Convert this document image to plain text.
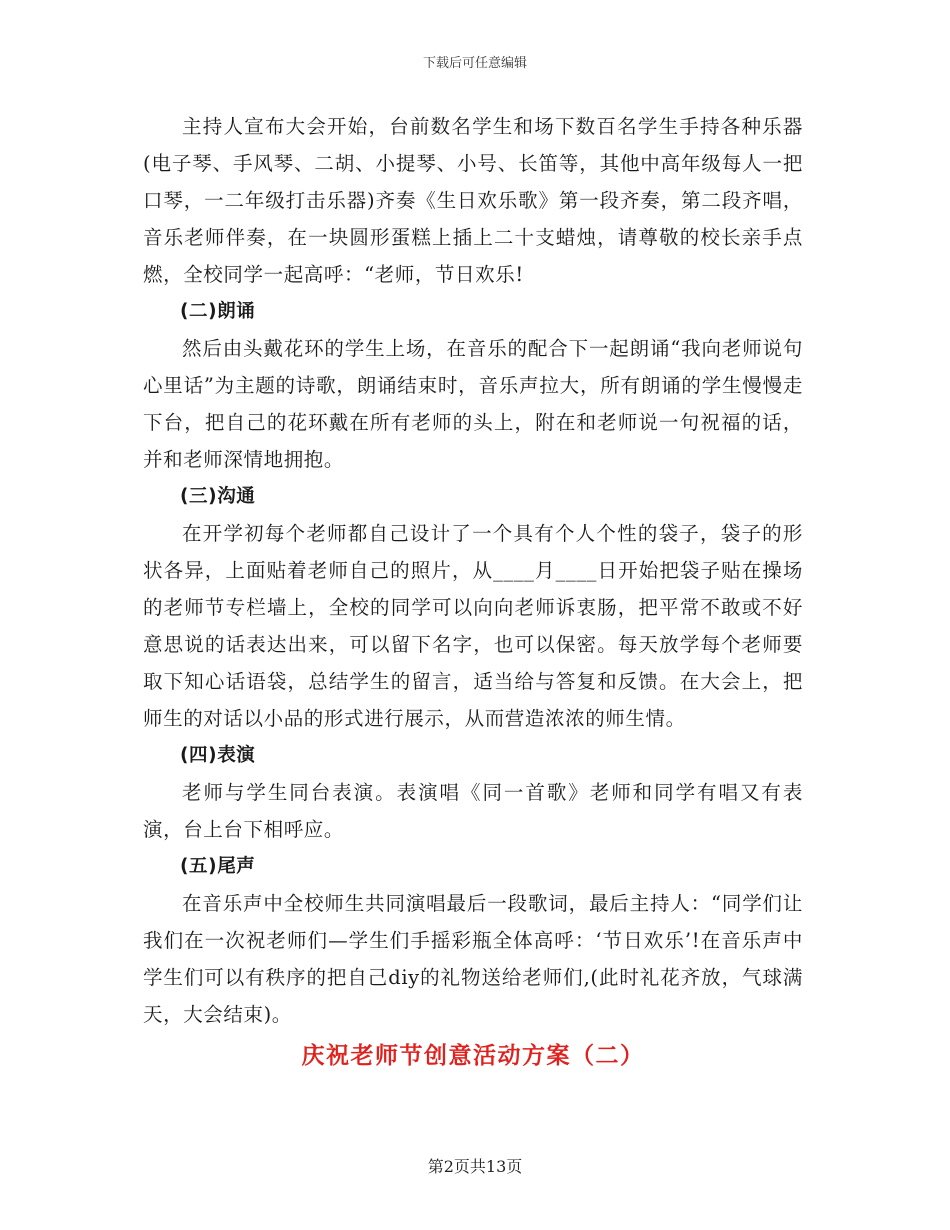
下载后可任意编辑

主持人宣布大会开始，台前数名学生和场下数百名学生手持各种乐器(电子琴、手风琴、二胡、小提琴、小号、长笛等，其他中高年级每人一把口琴，一二年级打击乐器)齐奏《生日欢乐歌》第一段齐奏，第二段齐唱，音乐老师伴奏，在一块圆形蛋糕上插上二十支蜡烛，请尊敬的校长亲手点燃，全校同学一起高呼：“老师，节日欢乐!

(二)朗诵

然后由头戴花环的学生上场，在音乐的配合下一起朗诵“我向老师说句心里话”为主题的诗歌，朗诵结束时，音乐声拉大，所有朗诵的学生慢慢走下台，把自己的花环戴在所有老师的头上，附在和老师说一句祝福的话，并和老师深情地拥抱。

(三)沟通

在开学初每个老师都自己设计了一个具有个人个性的袋子，袋子的形状各异，上面贴着老师自己的照片，从____月____日开始把袋子贴在操场的老师节专栏墙上，全校的同学可以向向老师诉衷肠，把平常不敢或不好意思说的话表达出来，可以留下名字，也可以保密。每天放学每个老师要取下知心话语袋，总结学生的留言，适当给与答复和反馈。在大会上，把师生的对话以小品的形式进行展示，从而营造浓浓的师生情。

(四)表演

老师与学生同台表演。表演唱《同一首歌》老师和同学有唱又有表演，台上台下相呼应。

(五)尾声

在音乐声中全校师生共同演唱最后一段歌词，最后主持人：“同学们让我们在一次祝老师们—学生们手摇彩瓶全体高呼：‘节日欢乐’!在音乐声中学生们可以有秩序的把自己diy的礼物送给老师们,(此时礼花齐放，气球满天，大会结束)。

庆祝老师节创意活动方案（二）

第2页共13页
